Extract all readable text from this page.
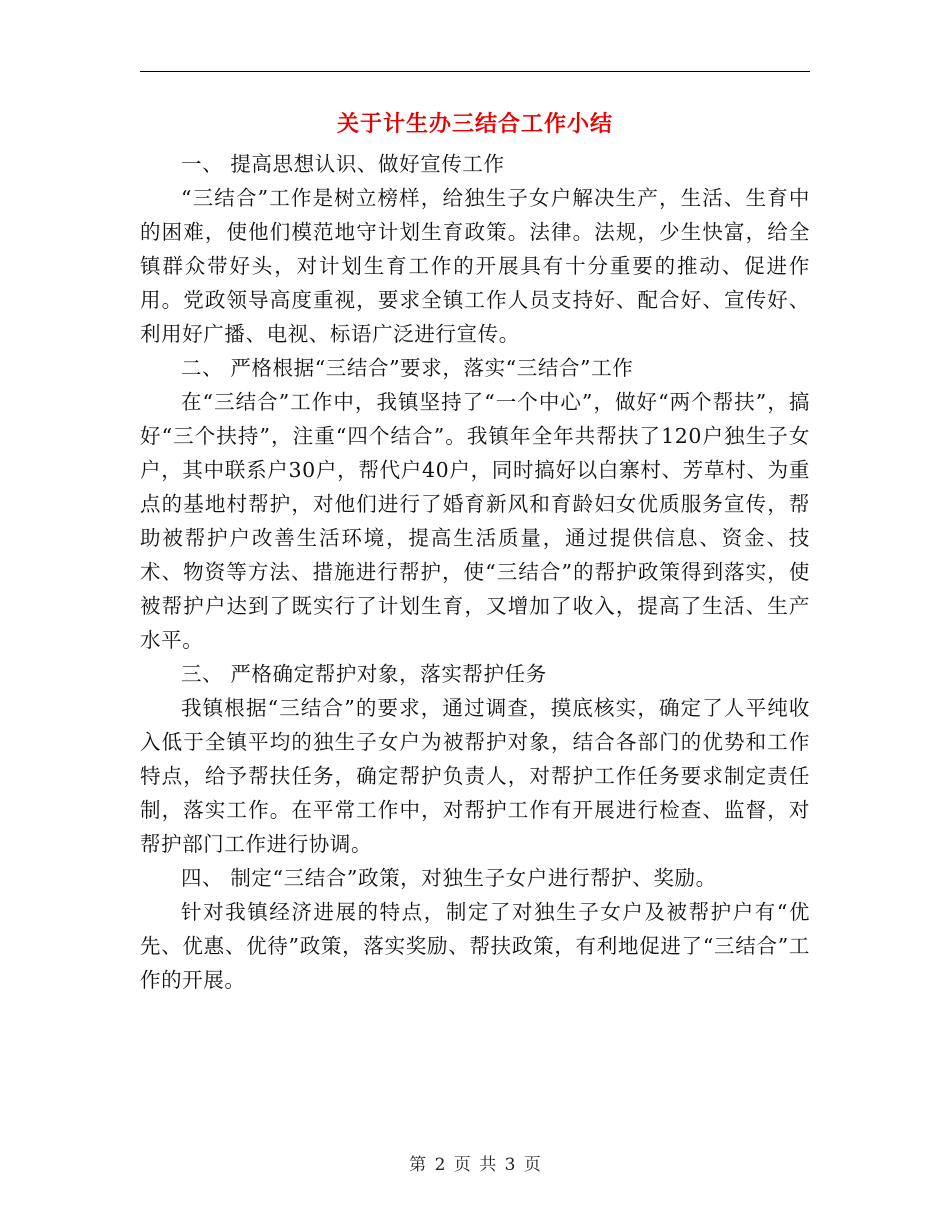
关于计生办三结合工作小结

一、 提高思想认识、做好宣传工作

“三结合”工作是树立榜样，给独生子女户解决生产，生活、生育中的困难，使他们模范地守计划生育政策。法律。法规，少生快富，给全镇群众带好头，对计划生育工作的开展具有十分重要的推动、促进作用。党政领导高度重视，要求全镇工作人员支持好、配合好、宣传好、利用好广播、电视、标语广泛进行宣传。

二、 严格根据“三结合”要求，落实“三结合”工作

在“三结合”工作中，我镇坚持了“一个中心”，做好“两个帮扶”，搞好“三个扶持”，注重“四个结合”。我镇年全年共帮扶了120户独生子女户，其中联系户30户，帮代户40户，同时搞好以白寨村、芳草村、为重点的基地村帮护，对他们进行了婚育新风和育龄妇女优质服务宣传，帮助被帮护户改善生活环境，提高生活质量，通过提供信息、资金、技术、物资等方法、措施进行帮护，使“三结合”的帮护政策得到落实，使被帮护户达到了既实行了计划生育，又增加了收入，提高了生活、生产水平。

三、 严格确定帮护对象，落实帮护任务

我镇根据“三结合”的要求，通过调查，摸底核实，确定了人平纯收入低于全镇平均的独生子女户为被帮护对象，结合各部门的优势和工作特点，给予帮扶任务，确定帮护负责人，对帮护工作任务要求制定责任制，落实工作。在平常工作中，对帮护工作有开展进行检查、监督，对帮护部门工作进行协调。

四、 制定“三结合”政策，对独生子女户进行帮护、奖励。

针对我镇经济进展的特点，制定了对独生子女户及被帮护户有“优先、优惠、优待”政策，落实奖励、帮扶政策，有利地促进了“三结合”工作的开展。

第 2 页 共 3 页
